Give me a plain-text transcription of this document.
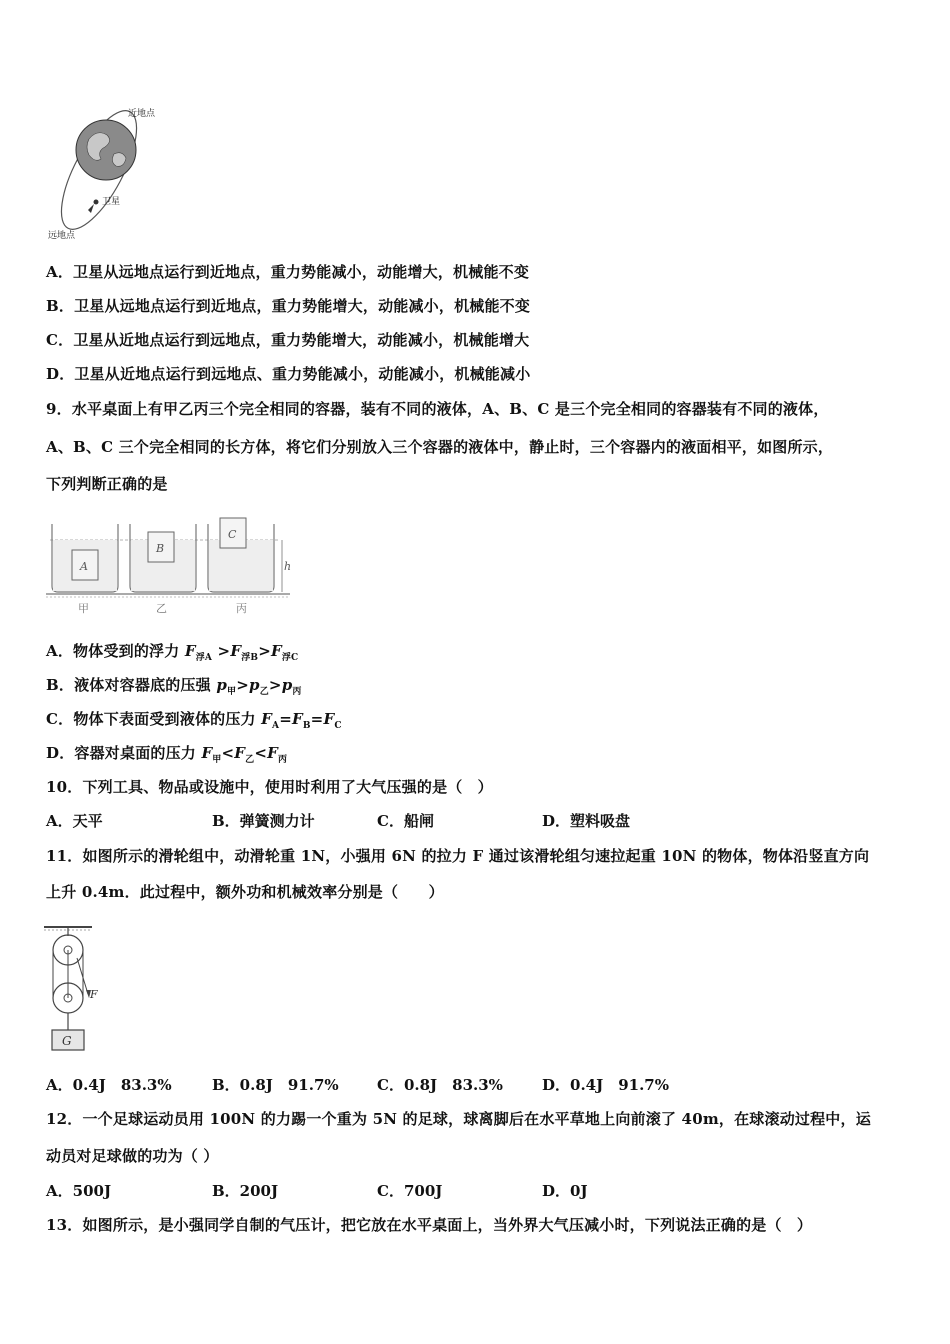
近地点
卫星
远地点
A．卫星从远地点运行到近地点，重力势能减小，动能增大，机械能不变
B．卫星从远地点运行到近地点，重力势能增大，动能减小，机械能不变
C．卫星从近地点运行到远地点，重力势能增大，动能减小，机械能增大
D．卫星从近地点运行到远地点、重力势能减小，动能减小，机械能减小
9．水平桌面上有甲乙丙三个完全相同的容器，装有不同的液体，A、B、C 是三个完全相同的容器装有不同的液体，
A、B、C 三个完全相同的长方体，将它们分别放入三个容器的液体中，静止时，三个容器内的液面相平，如图所示，
下列判断正确的是
A
B
C
h
甲	乙	丙
A．物体受到的浮力 $F_{浮A} >F_{浮B}>F_{浮C}$
B．液体对容器底的压强 $p_甲>p_乙>p_丙$
C．物体下表面受到液体的压力 $F_A=F_B=F_C$
D．容器对桌面的压力 $F_甲<F_乙<F_丙$
10．下列工具、物品或设施中，使用时利用了大气压强的是（　）
A．天平	B．弹簧测力计	C．船闸	D．塑料吸盘
11．如图所示的滑轮组中，动滑轮重 1N，小强用 6N 的拉力 F 通过该滑轮组匀速拉起重 10N 的物体，物体沿竖直方向
上升 0.4m．此过程中，额外功和机械效率分别是（　　）
F
G
A．0.4J　83.3%	B．0.8J　91.7%	C．0.8J　83.3%	D．0.4J　91.7%
12．一个足球运动员用 100N 的力踢一个重为 5N 的足球，球离脚后在水平草地上向前滚了 40m，在球滚动过程中，运
动员对足球做的功为（ ）
A．500J	B．200J	C．700J	D．0J
13．如图所示，是小强同学自制的气压计，把它放在水平桌面上，当外界大气压减小时，下列说法正确的是（　）
